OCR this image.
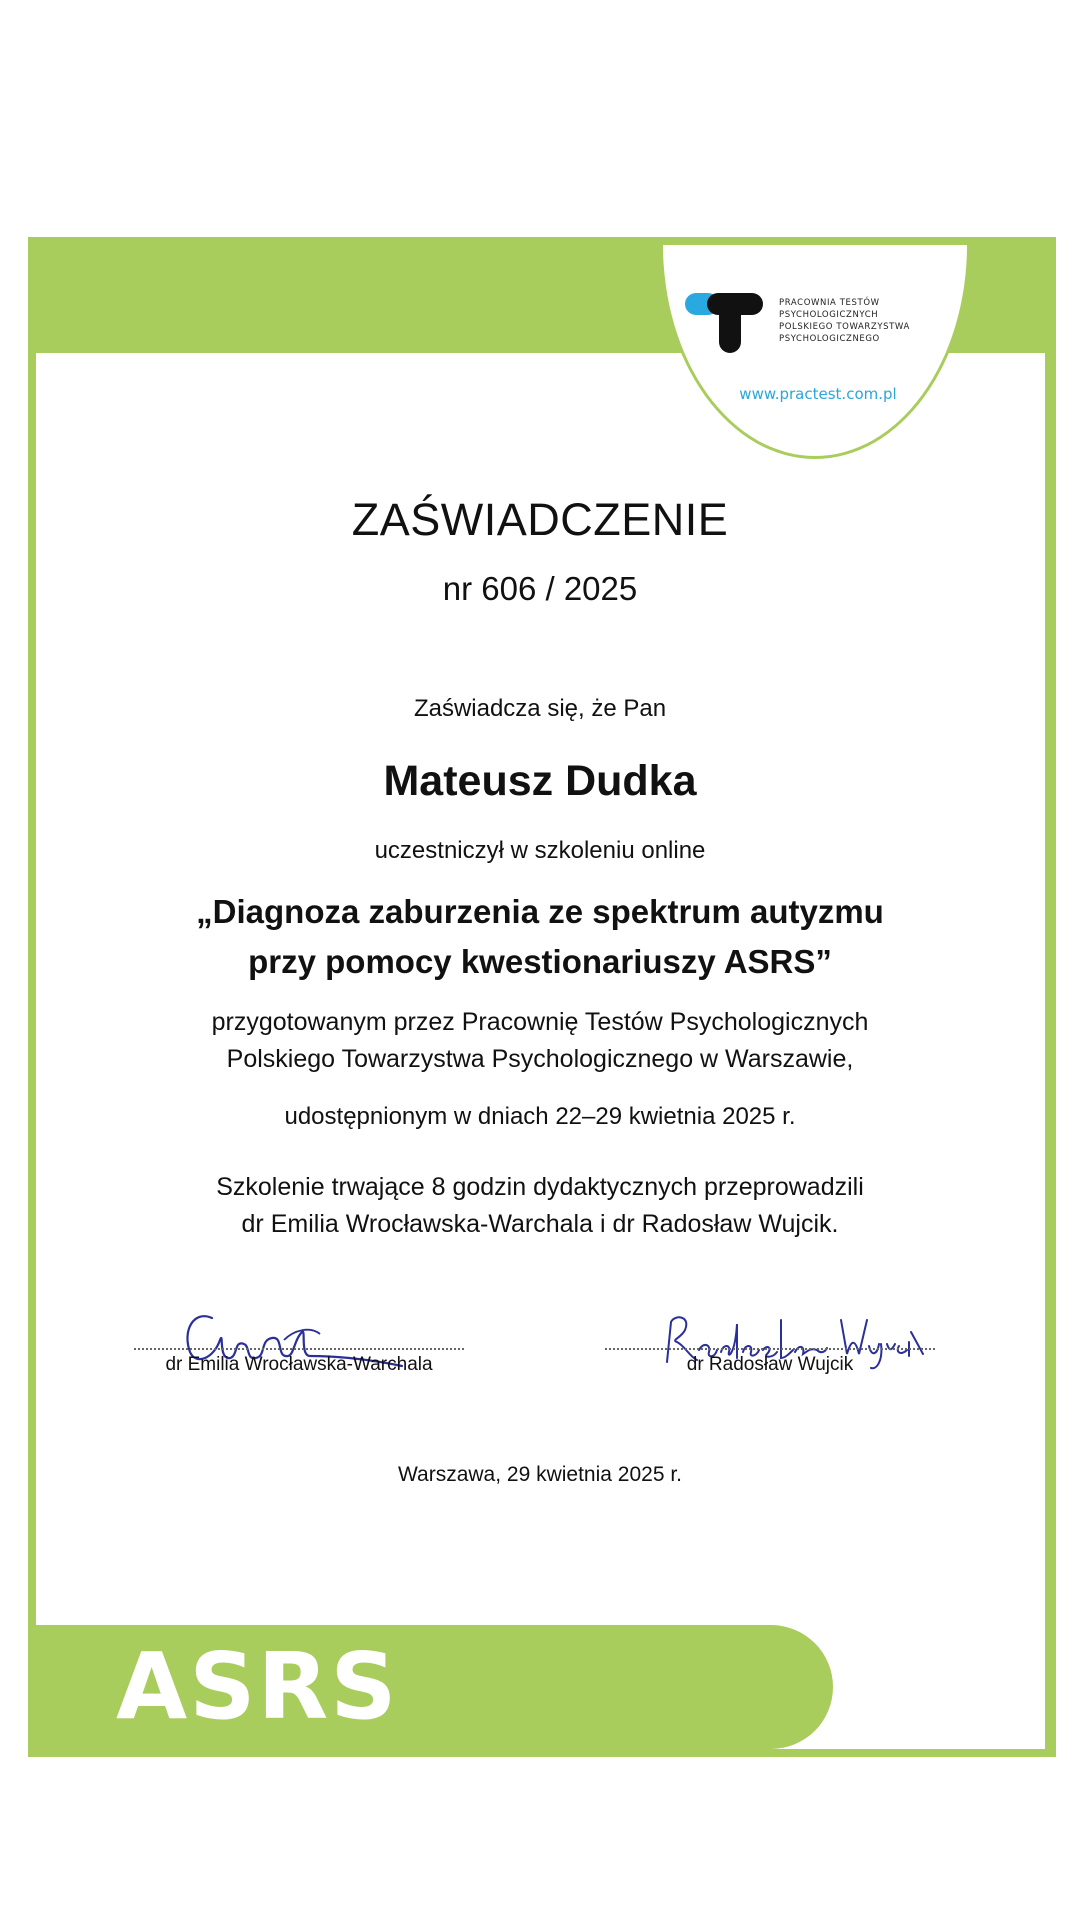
PRACOWNIA TESTÓW
PSYCHOLOGICZNYCH
POLSKIEGO TOWARZYSTWA
PSYCHOLOGICZNEGO
www.practest.com.pl
ZAŚWIADCZENIE
nr 606 / 2025
Zaświadcza się, że Pan
Mateusz Dudka
uczestniczył w szkoleniu online
„Diagnoza zaburzenia ze spektrum autyzmu
przy pomocy kwestionariuszy ASRS”
przygotowanym przez Pracownię Testów Psychologicznych
Polskiego Towarzystwa Psychologicznego w Warszawie,
udostępnionym w dniach 22–29 kwietnia 2025 r.
Szkolenie trwające 8 godzin dydaktycznych przeprowadzili
dr Emilia Wrocławska-Warchala i dr Radosław Wujcik.
dr Emilia Wrocławska-Warchala	dr Radosław Wujcik
Warszawa, 29 kwietnia 2025 r.
ASRS
